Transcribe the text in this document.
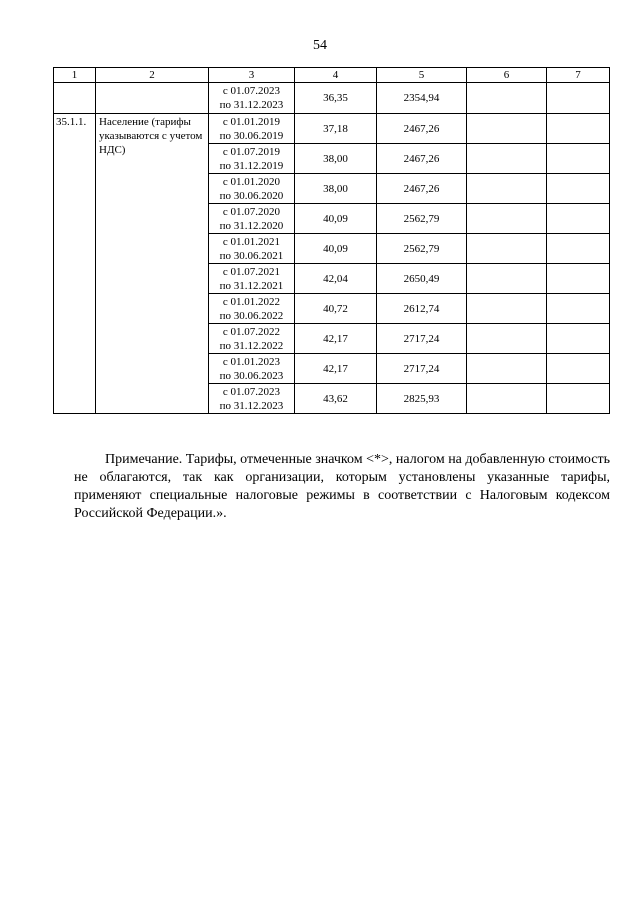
54
1	2	3	4	5	6	7

		с 01.07.2023
по 31.12.2023	36,35	2354,94		
35.1.1.	Население (тарифы указываются с учетом НДС)	с 01.01.2019
по 30.06.2019	37,18	2467,26		

		с 01.07.2019
по 31.12.2019	38,00	2467,26		

		с 01.01.2020
по 30.06.2020	38,00	2467,26		

		с 01.07.2020
по 31.12.2020	40,09	2562,79		

		с 01.01.2021
по 30.06.2021	40,09	2562,79		

		с 01.07.2021
по 31.12.2021	42,04	2650,49		

		с 01.01.2022
по 30.06.2022	40,72	2612,74		

		с 01.07.2022
по 31.12.2022	42,17	2717,24		

		с 01.01.2023
по 30.06.2023	42,17	2717,24		

		с 01.07.2023
по 31.12.2023	43,62	2825,93		

Примечание. Тарифы, отмеченные значком <*>, налогом на добавленную стоимость не облагаются, так как организации, которым установлены указанные тарифы, применяют специальные налоговые режимы в соответствии с Налоговым кодексом Российской Федерации.».
